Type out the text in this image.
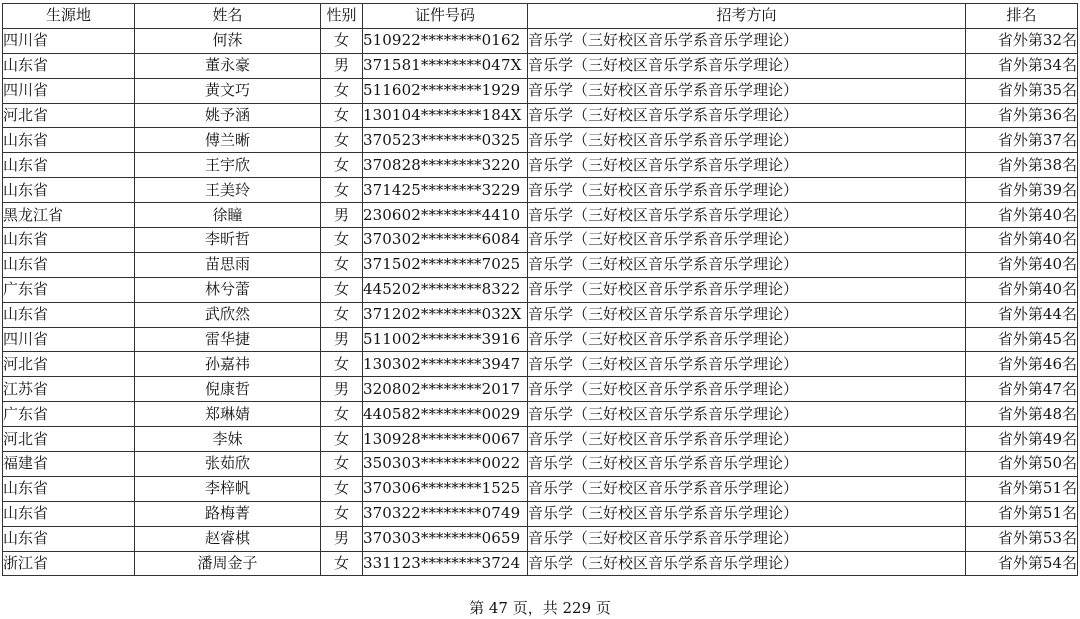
生源地	姓名	性别	证件号码	招考方向	排名
四川省	何莯	女	510922********0162	音乐学（三好校区音乐学系音乐学理论）	省外第32名
山东省	董永豪	男	371581********047X	音乐学（三好校区音乐学系音乐学理论）	省外第34名
四川省	黄文巧	女	511602********1929	音乐学（三好校区音乐学系音乐学理论）	省外第35名
河北省	姚予涵	女	130104********184X	音乐学（三好校区音乐学系音乐学理论）	省外第36名
山东省	傅兰晰	女	370523********0325	音乐学（三好校区音乐学系音乐学理论）	省外第37名
山东省	王宇欣	女	370828********3220	音乐学（三好校区音乐学系音乐学理论）	省外第38名
山东省	王美玲	女	371425********3229	音乐学（三好校区音乐学系音乐学理论）	省外第39名
黑龙江省	徐瞳	男	230602********4410	音乐学（三好校区音乐学系音乐学理论）	省外第40名
山东省	李昕哲	女	370302********6084	音乐学（三好校区音乐学系音乐学理论）	省外第40名
山东省	苗思雨	女	371502********7025	音乐学（三好校区音乐学系音乐学理论）	省外第40名
广东省	林兮蕾	女	445202********8322	音乐学（三好校区音乐学系音乐学理论）	省外第40名
山东省	武欣然	女	371202********032X	音乐学（三好校区音乐学系音乐学理论）	省外第44名
四川省	雷华捷	男	511002********3916	音乐学（三好校区音乐学系音乐学理论）	省外第45名
河北省	孙嘉祎	女	130302********3947	音乐学（三好校区音乐学系音乐学理论）	省外第46名
江苏省	倪康哲	男	320802********2017	音乐学（三好校区音乐学系音乐学理论）	省外第47名
广东省	郑琳婧	女	440582********0029	音乐学（三好校区音乐学系音乐学理论）	省外第48名
河北省	李妹	女	130928********0067	音乐学（三好校区音乐学系音乐学理论）	省外第49名
福建省	张茹欣	女	350303********0022	音乐学（三好校区音乐学系音乐学理论）	省外第50名
山东省	李梓帆	女	370306********1525	音乐学（三好校区音乐学系音乐学理论）	省外第51名
山东省	路梅菁	女	370322********0749	音乐学（三好校区音乐学系音乐学理论）	省外第51名
山东省	赵睿棋	男	370303********0659	音乐学（三好校区音乐学系音乐学理论）	省外第53名
浙江省	潘周金子	女	331123********3724	音乐学（三好校区音乐学系音乐学理论）	省外第54名
第 47 页，共 229 页
